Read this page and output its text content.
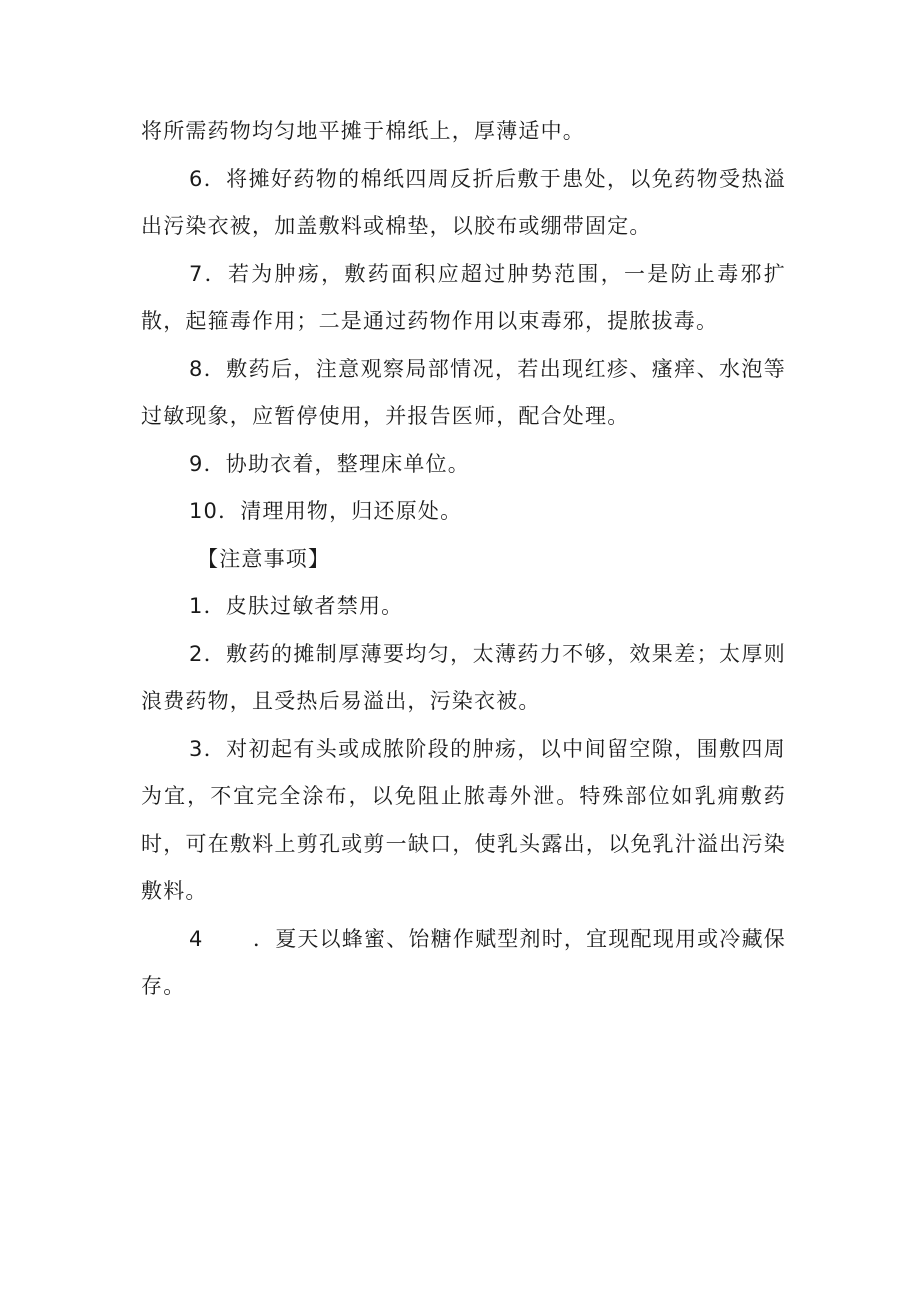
将所需药物均匀地平摊于棉纸上，厚薄适中。

6．将摊好药物的棉纸四周反折后敷于患处，以免药物受热溢出污染衣被，加盖敷料或棉垫，以胶布或绷带固定。

7．若为肿疡，敷药面积应超过肿势范围，一是防止毒邪扩散，起箍毒作用；二是通过药物作用以束毒邪，提脓拔毒。

8．敷药后，注意观察局部情况，若出现红疹、瘙痒、水泡等过敏现象，应暂停使用，并报告医师，配合处理。

9．协助衣着，整理床单位。

10．清理用物，归还原处。

【注意事项】

1．皮肤过敏者禁用。

2．敷药的摊制厚薄要均匀，太薄药力不够，效果差；太厚则浪费药物，且受热后易溢出，污染衣被。

3．对初起有头或成脓阶段的肿疡，以中间留空隙，围敷四周为宜，不宜完全涂布，以免阻止脓毒外泄。特殊部位如乳痈敷药时，可在敷料上剪孔或剪一缺口，使乳头露出，以免乳汁溢出污染敷料。

4 ．夏天以蜂蜜、饴糖作赋型剂时，宜现配现用或冷藏保存。
